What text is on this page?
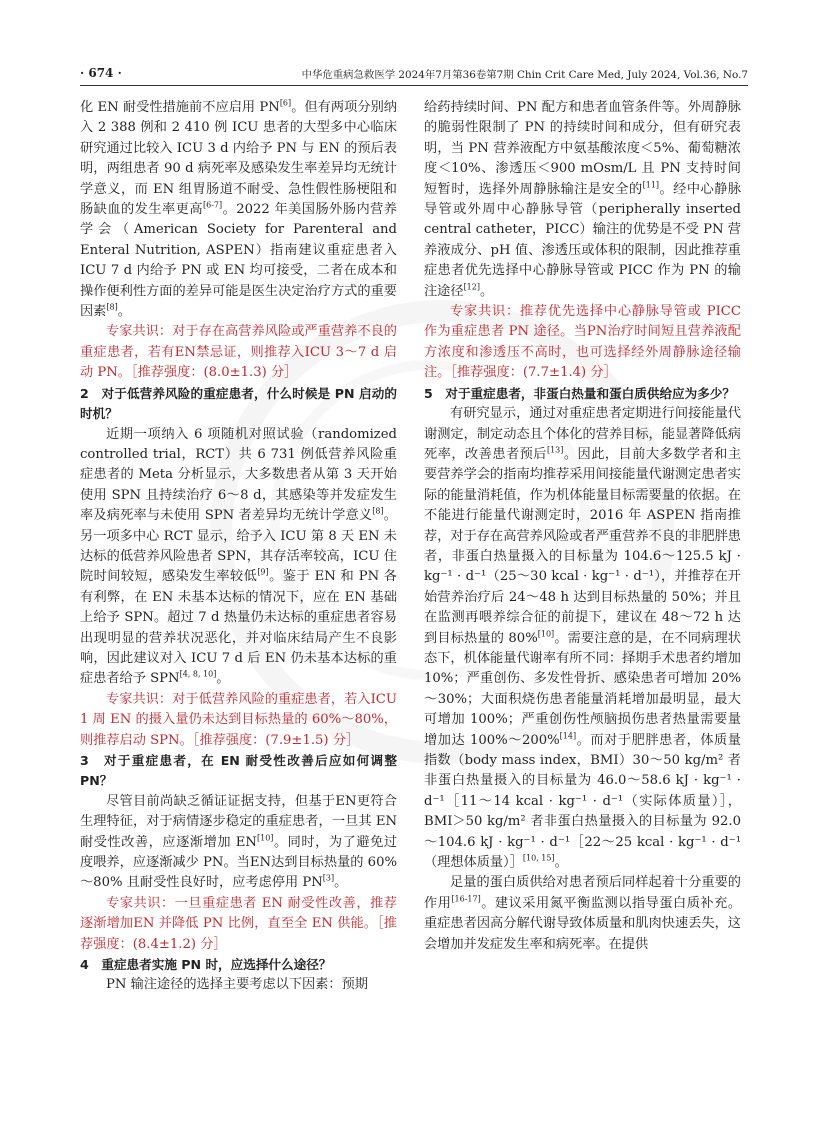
· 674 ·	中华危重病急救医学 2024年7月第36卷第7期 Chin Crit Care Med, July 2024, Vol.36, No.7

化 EN 耐受性措施前不应启用 PN[6]。但有两项分别纳入 2 388 例和 2 410 例 ICU 患者的大型多中心临床研究通过比较入 ICU 3 d 内给予 PN 与 EN 的预后表明，两组患者 90 d 病死率及感染发生率差异均无统计学意义，而 EN 组胃肠道不耐受、急性假性肠梗阻和肠缺血的发生率更高[6-7]。2022 年美国肠外肠内营养学会（American Society for Parenteral and Enteral Nutrition, ASPEN）指南建议重症患者入 ICU 7 d 内给予 PN 或 EN 均可接受，二者在成本和操作便利性方面的差异可能是医生决定治疗方式的重要因素[8]。

专家共识：对于存在高营养风险或严重营养不良的重症患者，若有EN禁忌证，则推荐入ICU 3～7 d 启动 PN。［推荐强度：(8.0±1.3) 分］

2　对于低营养风险的重症患者，什么时候是 PN 启动的时机？

近期一项纳入 6 项随机对照试验（randomized controlled trial，RCT）共 6 731 例低营养风险重症患者的 Meta 分析显示，大多数患者从第 3 天开始使用 SPN 且持续治疗 6～8 d，其感染等并发症发生率及病死率与未使用 SPN 者差异均无统计学意义[8]。另一项多中心 RCT 显示，给予入 ICU 第 8 天 EN 未达标的低营养风险患者 SPN，其存活率较高，ICU 住院时间较短，感染发生率较低[9]。鉴于 EN 和 PN 各有利弊，在 EN 未基本达标的情况下，应在 EN 基础上给予 SPN。超过 7 d 热量仍未达标的重症患者容易出现明显的营养状况恶化，并对临床结局产生不良影响，因此建议对入 ICU 7 d 后 EN 仍未基本达标的重症患者给予 SPN[4, 8, 10]。

专家共识：对于低营养风险的重症患者，若入ICU 1 周 EN 的摄入量仍未达到目标热量的 60%～80%，则推荐启动 SPN。［推荐强度：(7.9±1.5) 分］

3　对于重症患者，在 EN 耐受性改善后应如何调整 PN？

尽管目前尚缺乏循证证据支持，但基于EN更符合生理特征，对于病情逐步稳定的重症患者，一旦其 EN 耐受性改善，应逐渐增加 EN[10]。同时，为了避免过度喂养，应逐渐减少 PN。当EN达到目标热量的 60%～80% 且耐受性良好时，应考虑停用 PN[3]。

专家共识：一旦重症患者 EN 耐受性改善，推荐逐渐增加EN 并降低 PN 比例，直至全 EN 供能。［推荐强度：(8.4±1.2) 分］

4　重症患者实施 PN 时，应选择什么途径？

PN 输注途径的选择主要考虑以下因素：预期

给药持续时间、PN 配方和患者血管条件等。外周静脉的脆弱性限制了 PN 的持续时间和成分，但有研究表明，当 PN 营养液配方中氨基酸浓度＜5%、葡萄糖浓度＜10%、渗透压＜900 mOsm/L 且 PN 支持时间短暂时，选择外周静脉输注是安全的[11]。经中心静脉导管或外周中心静脉导管（peripherally inserted central catheter，PICC）输注的优势是不受 PN 营养液成分、pH 值、渗透压或体积的限制，因此推荐重症患者优先选择中心静脉导管或 PICC 作为 PN 的输注途径[12]。

专家共识：推荐优先选择中心静脉导管或 PICC 作为重症患者 PN 途径。当PN治疗时间短且营养液配方浓度和渗透压不高时，也可选择经外周静脉途径输注。［推荐强度：(7.7±1.4) 分］

5　对于重症患者，非蛋白热量和蛋白质供给应为多少？

有研究显示，通过对重症患者定期进行间接能量代谢测定，制定动态且个体化的营养目标，能显著降低病死率，改善患者预后[13]。因此，目前大多数学者和主要营养学会的指南均推荐采用间接能量代谢测定患者实际的能量消耗值，作为机体能量目标需要量的依据。在不能进行能量代谢测定时，2016 年 ASPEN 指南推荐，对于存在高营养风险或者严重营养不良的非肥胖患者，非蛋白热量摄入的目标量为 104.6～125.5 kJ · kg⁻¹ · d⁻¹（25～30 kcal · kg⁻¹ · d⁻¹），并推荐在开始营养治疗后 24～48 h 达到目标热量的 50%；并且在监测再喂养综合征的前提下，建议在 48～72 h 达到目标热量的 80%[10]。需要注意的是，在不同病理状态下，机体能量代谢率有所不同：择期手术患者约增加 10%；严重创伤、多发性骨折、感染患者可增加 20%～30%；大面积烧伤患者能量消耗增加最明显，最大可增加 100%；严重创伤性颅脑损伤患者热量需要量增加达 100%～200%[14]。而对于肥胖患者，体质量指数（body mass index，BMI）30～50 kg/m² 者非蛋白热量摄入的目标量为 46.0～58.6 kJ · kg⁻¹ · d⁻¹［11～14 kcal · kg⁻¹ · d⁻¹（实际体质量）］，BMI＞50 kg/m² 者非蛋白热量摄入的目标量为 92.0～104.6 kJ · kg⁻¹ · d⁻¹［22～25 kcal · kg⁻¹ · d⁻¹（理想体质量）］[10, 15]。

足量的蛋白质供给对患者预后同样起着十分重要的作用[16-17]。建议采用氮平衡监测以指导蛋白质补充。重症患者因高分解代谢导致体质量和肌肉快速丢失，这会增加并发症发生率和病死率。在提供
